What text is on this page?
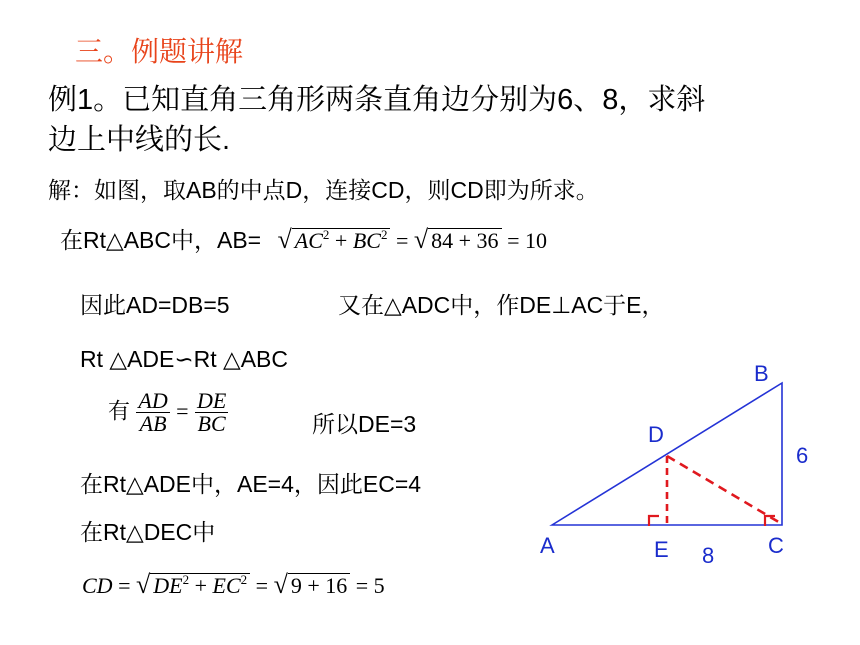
三。例题讲解
例1。已知直角三角形两条直角边分别为6、8，求斜
边上中线的长.
解：如图，取AB的中点D，连接CD，则CD即为所求。
在Rt△ABC中，AB= √ $AC^2 + BC^2$ = √ 84 + 36 = 10
因此AD=DB=5	又在△ADC中，作DE⊥AC于E，
Rt △ADE∽Rt △ABC
有 $\frac{AD}{AB} = \frac{DE}{BC}$	所以DE=3
在Rt△ADE中，AE=4，因此EC=4
在Rt△DEC中
CD = √ $DE^2 + EC^2$ = √ 9 + 16 = 5
B
D
A	E	C
6
8
